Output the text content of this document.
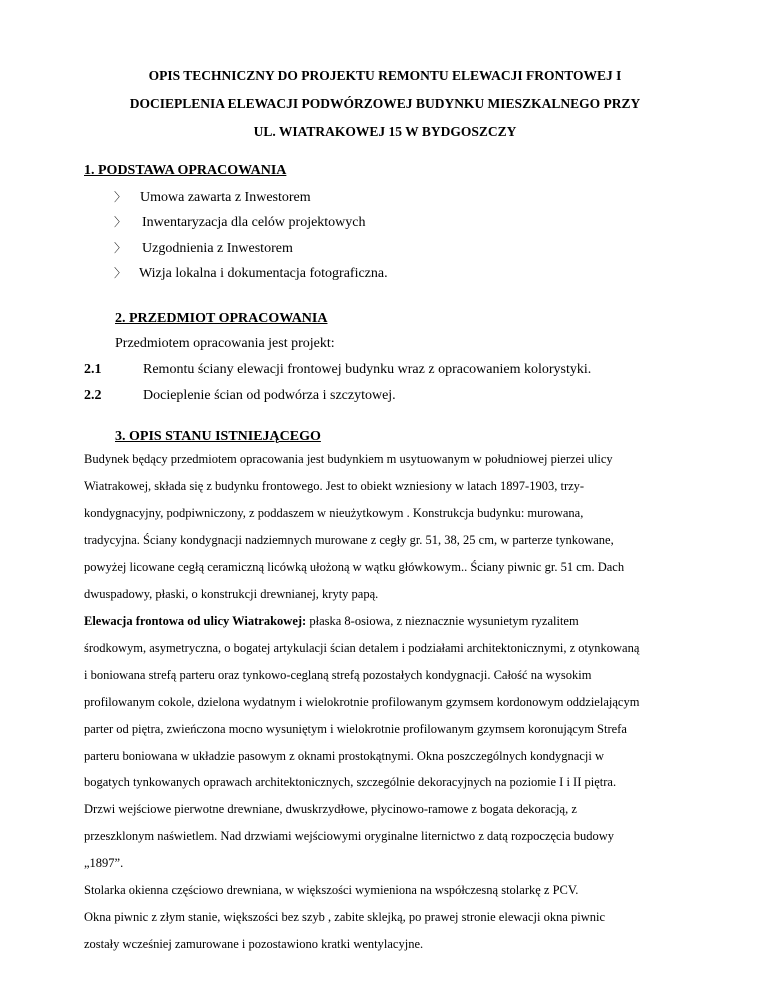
OPIS TECHNICZNY DO PROJEKTU REMONTU ELEWACJI FRONTOWEJ I
DOCIEPLENIA ELEWACJI PODWÓRZOWEJ BUDYNKU MIESZKALNEGO PRZY
UL. WIATRAKOWEJ 15 W BYDGOSZCZY
1. PODSTAWA OPRACOWANIA
〉 Umowa zawarta z Inwestorem
〉 Inwentaryzacja dla celów projektowych
〉 Uzgodnienia z Inwestorem
〉 Wizja lokalna i dokumentacja fotograficzna.
2. PRZEDMIOT OPRACOWANIA
Przedmiotem opracowania jest projekt:
2.1	Remontu ściany elewacji frontowej budynku wraz z opracowaniem kolorystyki.
2.2	Docieplenie ścian od podwórza i szczytowej.
3. OPIS STANU ISTNIEJĄCEGO
Budynek będący przedmiotem opracowania jest budynkiem m usytuowanym w południowej pierzei ulicy
Wiatrakowej, składa się z budynku frontowego. Jest to obiekt wzniesiony w latach 1897-1903, trzy-
kondygnacyjny, podpiwniczony, z poddaszem w nieużytkowym . Konstrukcja budynku: murowana,
tradycyjna. Ściany kondygnacji nadziemnych murowane z cegły gr. 51, 38, 25 cm, w parterze tynkowane,
powyżej licowane cegłą ceramiczną licówką ułożoną w wątku główkowym.. Ściany piwnic gr. 51 cm. Dach
dwuspadowy, płaski, o konstrukcji drewnianej, kryty papą.
Elewacja frontowa od ulicy Wiatrakowej: płaska 8-osiowa, z nieznacznie wysunietym ryzalitem
środkowym, asymetryczna, o bogatej artykulacji ścian detalem i podziałami architektonicznymi, z otynkowaną
i boniowana strefą parteru oraz tynkowo-ceglaną strefą pozostałych kondygnacji. Całość na wysokim
profilowanym cokole, dzielona wydatnym i wielokrotnie profilowanym gzymsem kordonowym oddzielającym
parter od piętra, zwieńczona mocno wysuniętym i wielokrotnie profilowanym gzymsem koronującym Strefa
parteru boniowana w układzie pasowym z oknami prostokątnymi. Okna poszczególnych kondygnacji w
bogatych tynkowanych oprawach architektonicznych, szczególnie dekoracyjnych na poziomie I i II piętra.
Drzwi wejściowe pierwotne drewniane, dwuskrzydłowe, płycinowo-ramowe z bogata dekoracją, z
przeszklonym naświetlem. Nad drzwiami wejściowymi oryginalne liternictwo z datą rozpoczęcia budowy
„1897”.
Stolarka okienna częściowo drewniana, w większości wymieniona na współczesną stolarkę z PCV.
Okna piwnic z złym stanie, większości bez szyb , zabite sklejką, po prawej stronie elewacji okna piwnic
zostały wcześniej zamurowane i pozostawiono kratki wentylacyjne.
